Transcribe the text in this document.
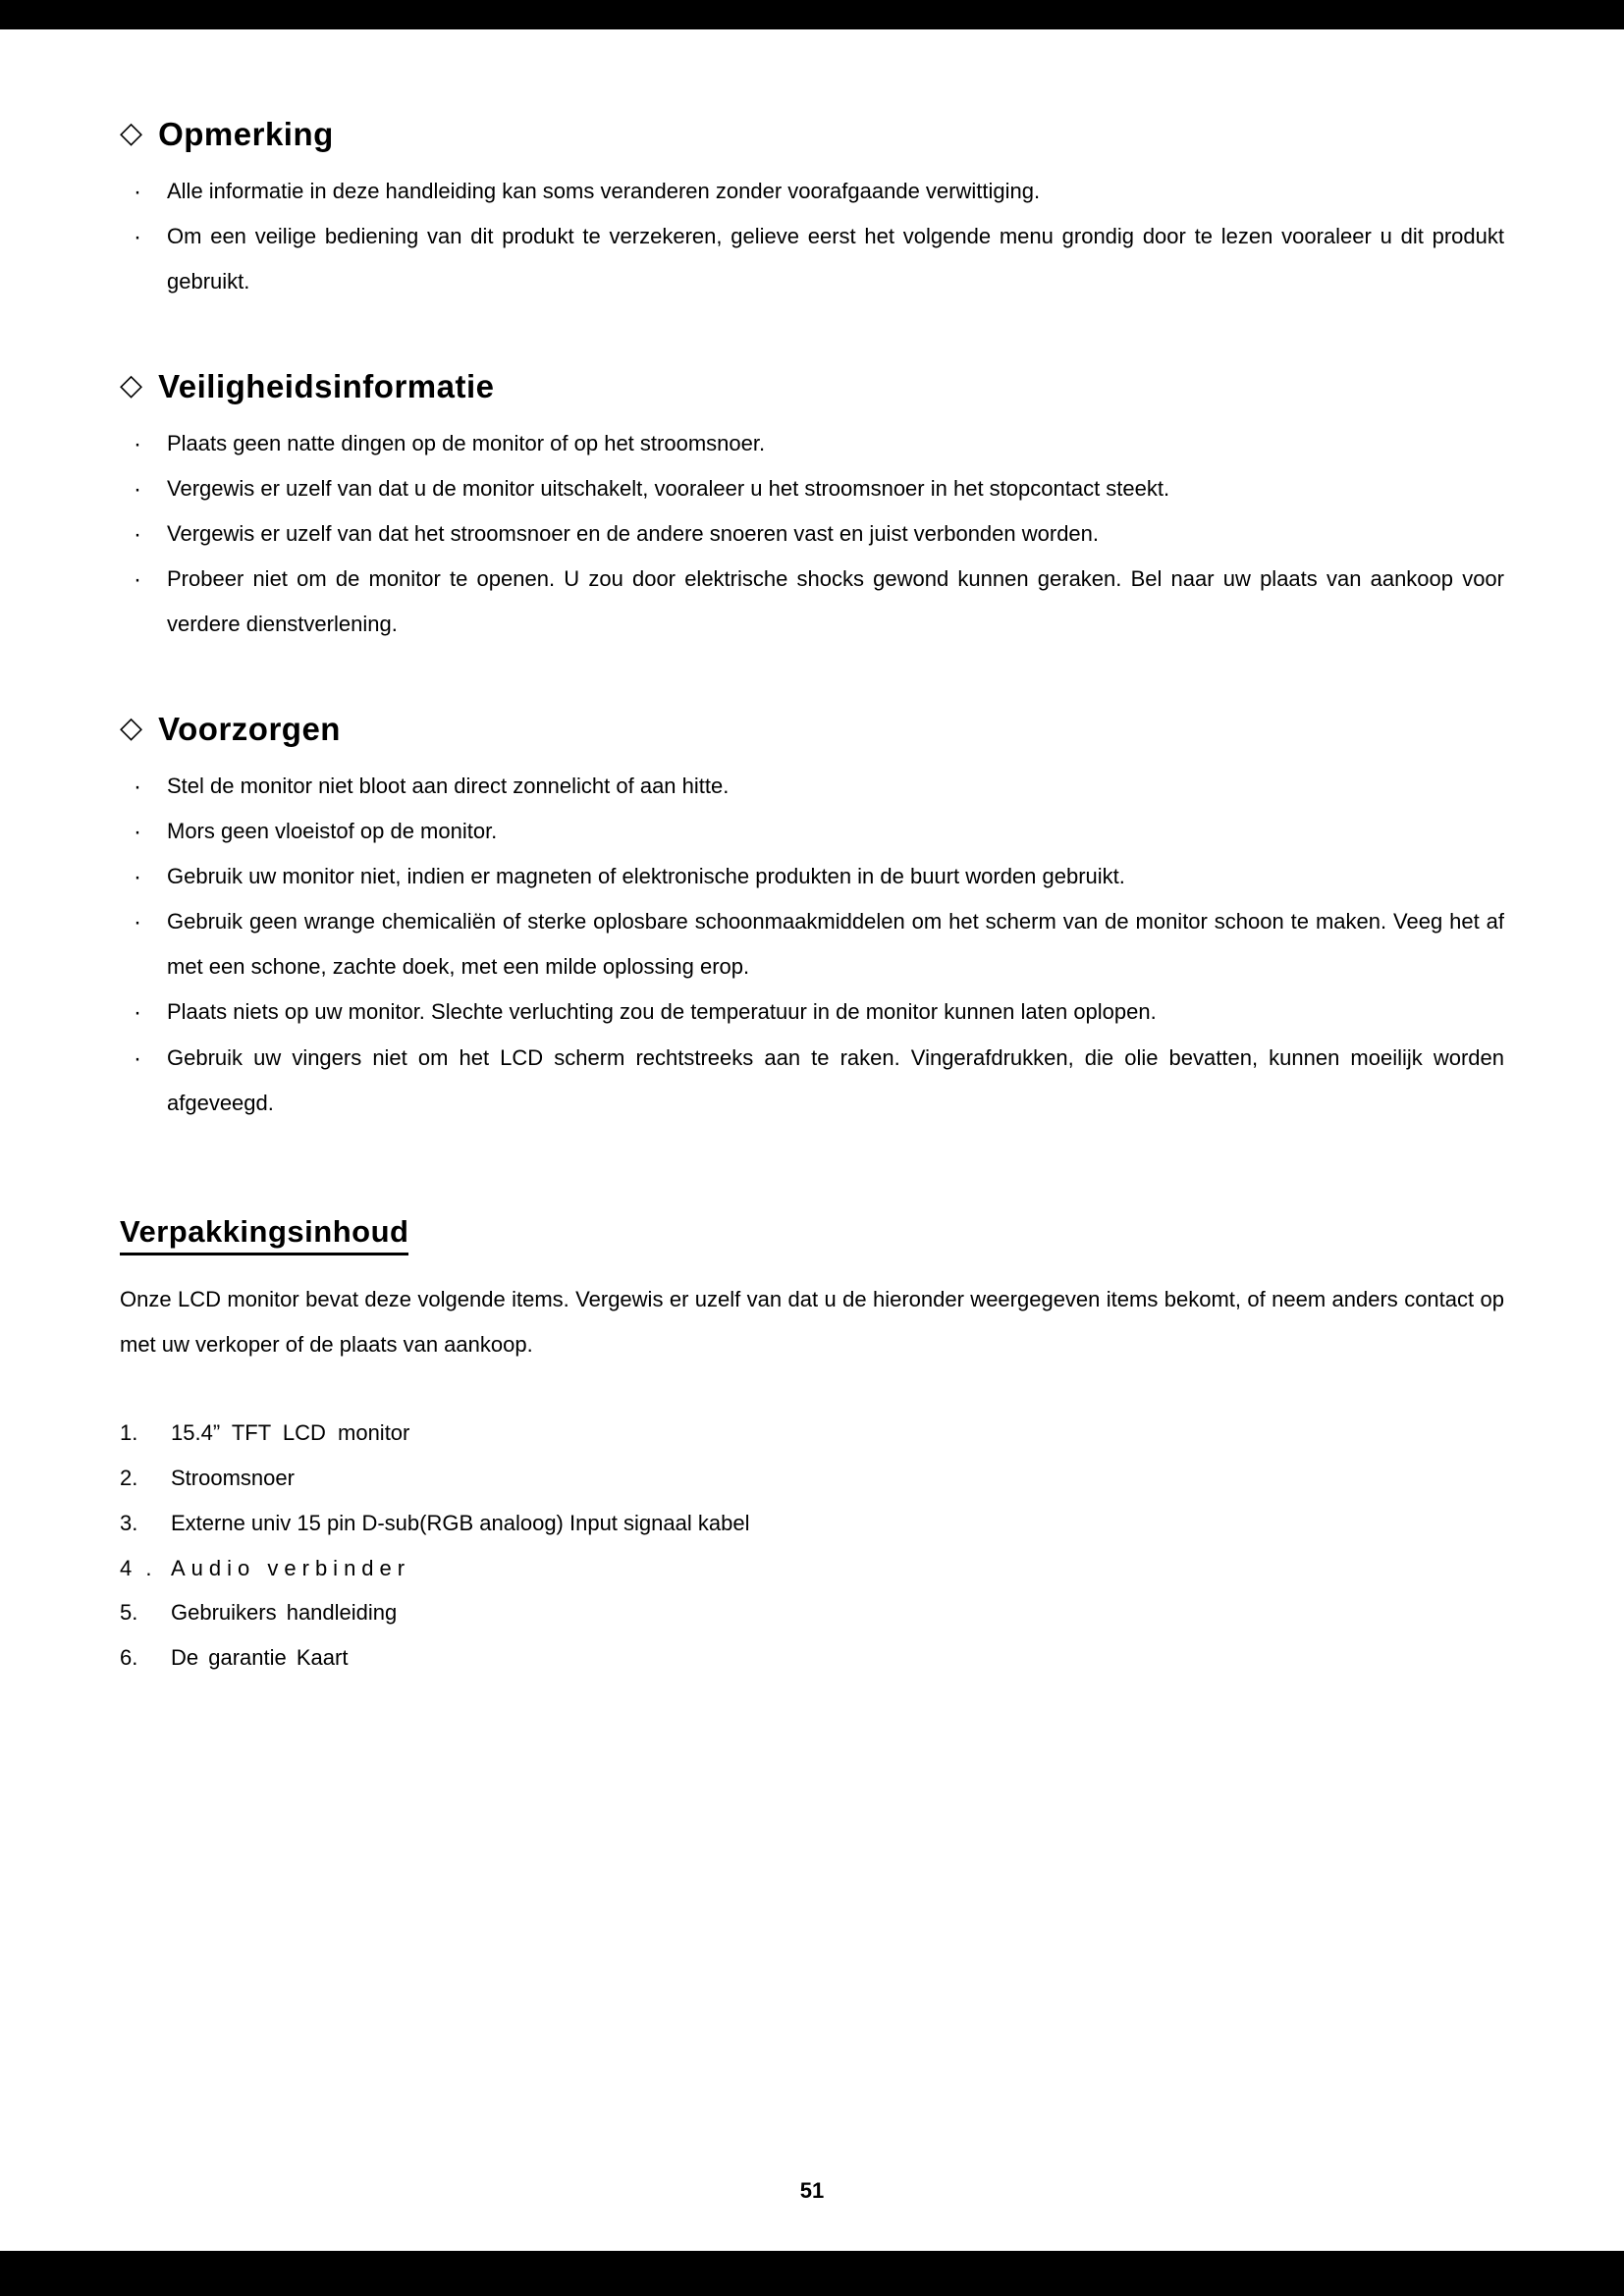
◇ Opmerking
· Alle informatie in deze handleiding kan soms veranderen zonder voorafgaande verwittiging.
· Om een veilige bediening van dit produkt te verzekeren, gelieve eerst het volgende menu grondig door te lezen vooraleer u dit produkt gebruikt.
◇ Veiligheidsinformatie
· Plaats geen natte dingen op de monitor of op het stroomsnoer.
· Vergewis er uzelf van dat u de monitor uitschakelt, vooraleer u het stroomsnoer in het stopcontact steekt.
· Vergewis er uzelf van dat het stroomsnoer en de andere snoeren vast en juist verbonden worden.
· Probeer niet om de monitor te openen. U zou door elektrische shocks gewond kunnen geraken. Bel naar uw plaats van aankoop voor verdere dienstverlening.
◇ Voorzorgen
· Stel de monitor niet bloot aan direct zonnelicht of aan hitte.
· Mors geen vloeistof op de monitor.
· Gebruik uw monitor niet, indien er magneten of elektronische produkten in de buurt worden gebruikt.
· Gebruik geen wrange chemicaliën of sterke oplosbare schoonmaakmiddelen om het scherm van de monitor schoon te maken. Veeg het af met een schone, zachte doek, met een milde oplossing erop.
· Plaats niets op uw monitor. Slechte verluchting zou de temperatuur in de monitor kunnen laten oplopen.
· Gebruik uw vingers niet om het LCD scherm rechtstreeks aan te raken. Vingerafdrukken, die olie bevatten, kunnen moeilijk worden afgeveegd.
Verpakkingsinhoud
Onze LCD monitor bevat deze volgende items. Vergewis er uzelf van dat u de hieronder weergegeven items bekomt, of neem anders contact op met uw verkoper of de plaats van aankoop.
1.	15.4” TFT LCD monitor
2.	Stroomsnoer
3.	Externe univ 15 pin D-sub(RGB analoog) Input signaal kabel
4 . Audio verbinder
5.	Gebruikers handleiding
6.	De garantie Kaart
51
